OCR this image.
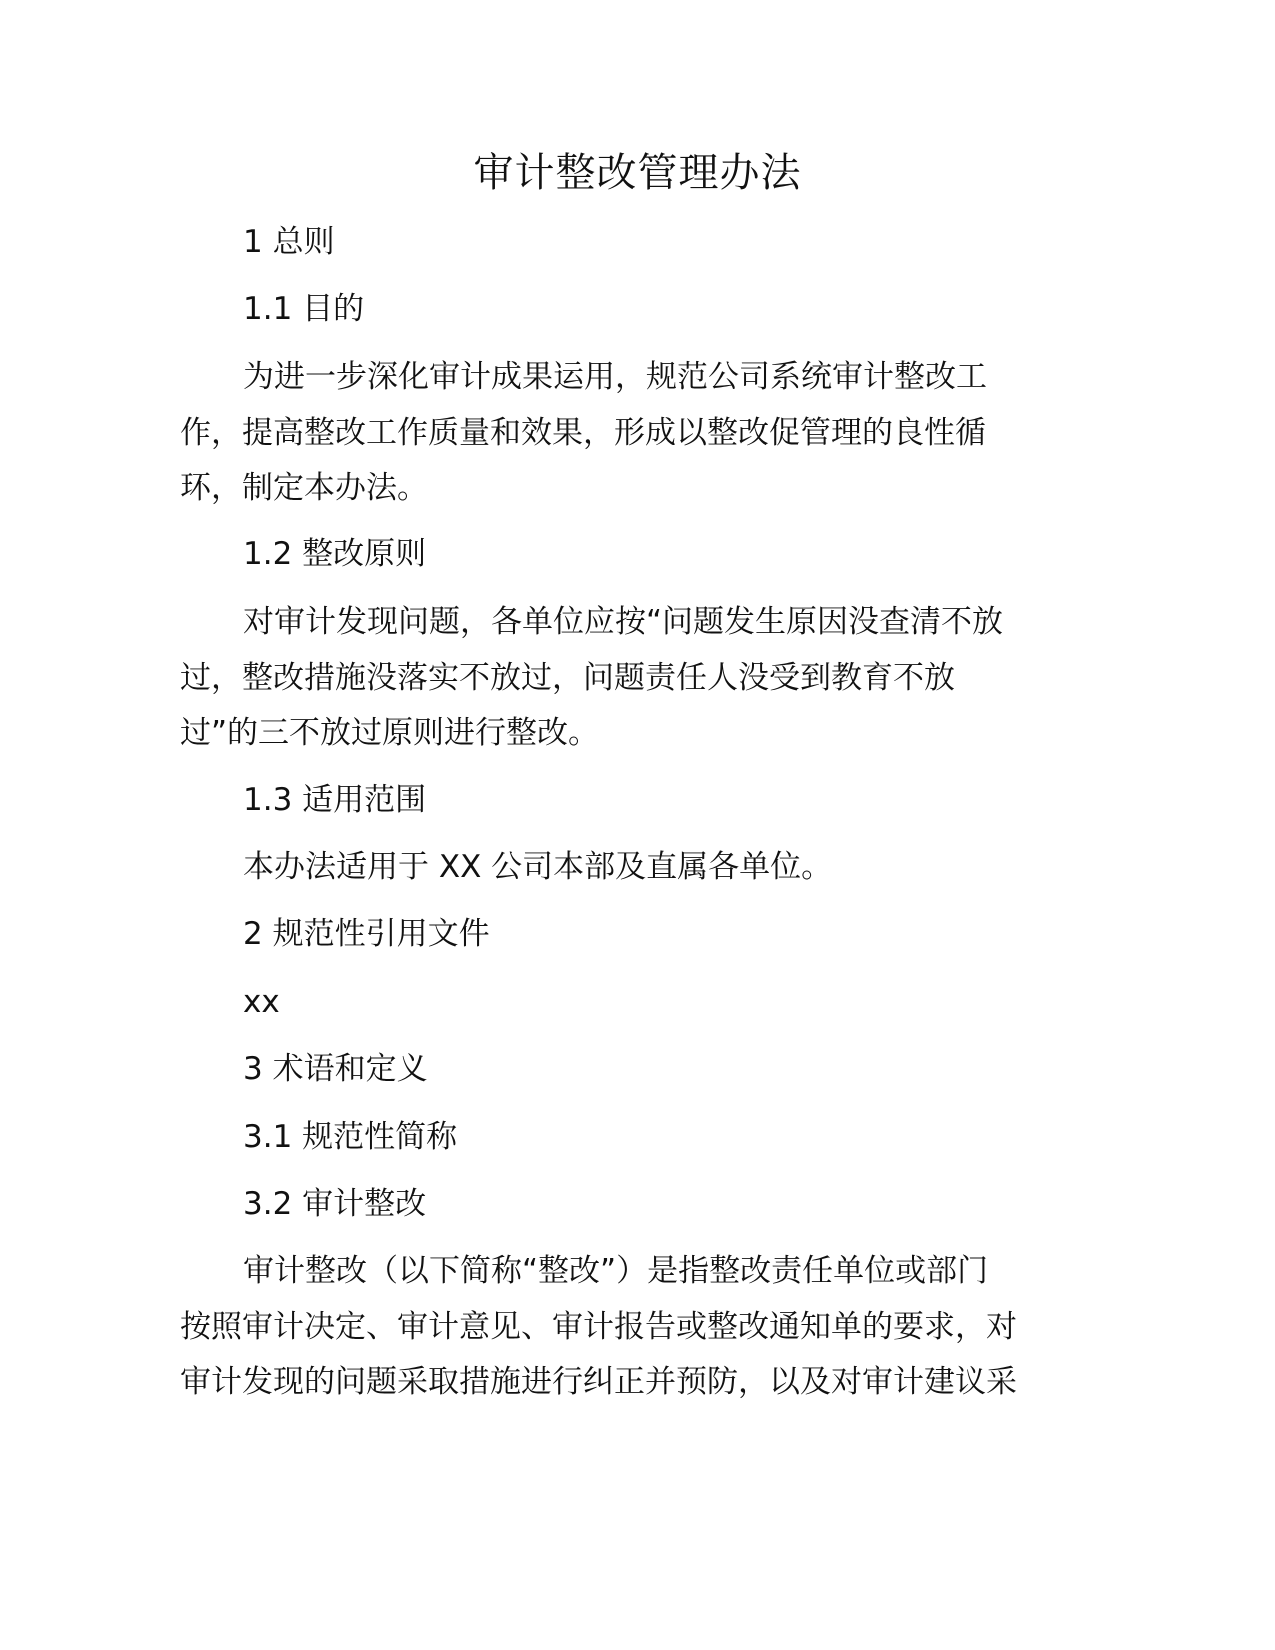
审计整改管理办法
1 总则
1.1 目的
为进一步深化审计成果运用，规范公司系统审计整改工
作，提高整改工作质量和效果，形成以整改促管理的良性循
环，制定本办法。
1.2 整改原则
对审计发现问题，各单位应按“问题发生原因没查清不放
过，整改措施没落实不放过，问题责任人没受到教育不放
过”的三不放过原则进行整改。
1.3 适用范围
本办法适用于 XX 公司本部及直属各单位。
2 规范性引用文件
xx
3 术语和定义
3.1 规范性简称
3.2 审计整改
审计整改（以下简称“整改”）是指整改责任单位或部门
按照审计决定、审计意见、审计报告或整改通知单的要求，对
审计发现的问题采取措施进行纠正并预防，以及对审计建议采
